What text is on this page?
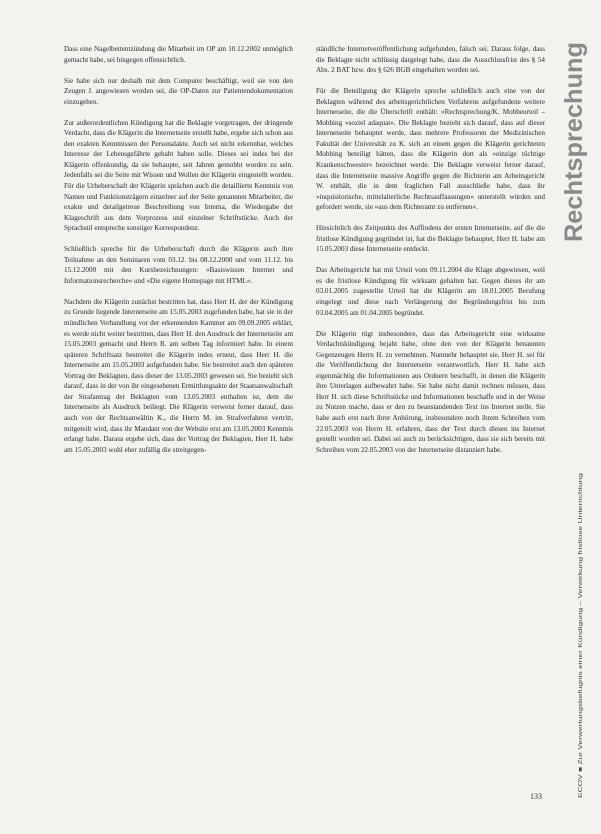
Dass eine Nagelbettentzündung die Mitarbeit im OP am 10.12.2002 unmöglich gemacht habe, sei hingegen offensichtlich.

Sie habe sich nur deshalb mit dem Computer beschäftigt, weil sie von den Zeugen J. angewiesen worden sei, die OP-Daten zur Patientendokumentation einzugeben.

Zur außerordentlichen Kündigung hat die Beklagte vorgetragen, der dringende Verdacht, dass die Klägerin die Internetseite erstellt habe, ergebe sich schon aus den exakten Kenntnissen der Personalakte. Auch sei nicht erkennbar, welches Interesse der Lebensgefährte gehabt haben solle. Dieses sei indes bei der Klägerin offenkundig, da sie behaupte, seit Jahren gemobbt worden zu sein. Jedenfalls sei die Seite mit Wissen und Wollen der Klägerin eingestellt worden. Für die Urheberschaft der Klägerin sprächen auch die detaillierte Kenntnis von Namen und Funktionsträgern einzelner auf der Seite genannten Mitarbeiter, die exakte und detailgetreue Beschreibung von Interna, die Wiedergabe der Klageschrift aus dem Vorprozess und einzelner Schriftstücke. Auch der Sprachstil entspreche sonstiger Korrespondenz.

Schließlich spreche für die Urheberschaft durch die Klägerin auch ihre Teilnahme an den Seminaren vom 03.12. bis 08.12.2000 und vom 11.12. bis 15.12.2000 mit den Kursbezeichnungen: »Basiswissen Internet und Informationsrecherche« und »Die eigene Homepage mit HTML«.

Nachdem die Klägerin zunächst bestritten hat, dass Herr H. der der Kündigung zu Grunde liegende Internetseite am 15.05.2003 zugefunden habe, hat sie in der mündlichen Verhandlung vor der erkennenden Kammer am 09.09.2005 erklärt, es werde nicht weiter bestritten, dass Herr H. den Ausdruck der Internetseite am 15.05.2003 gemacht und Herrn R. am selben Tag informiert habe. In einem späteren Schriftsatz bestreitet die Klägerin indes erneut, dass Herr H. die Internetseite am 15.05.2003 aufgefunden habe. Sie bestreitet auch den späteren Vortrag der Beklagten, dass dieser der 13.05.2003 gewesen sei. Sie bezieht sich darauf, dass in der von ihr eingesehenen Ermittlungsakte der Staatsanwaltschaft der Strafantrag der Beklagten vom 13.05.2003 enthalten ist, dem die Internetseite als Ausdruck beiliegt. Die Klägerin verweist ferner darauf, dass auch von der Rechtsanwältin K., die Herrn M. im Strafverfahren vertritt, mitgeteilt wird, dass ihr Mandant von der Website erst am 13.05.2003 Kenntnis erlangt habe. Daraus ergebe sich, dass der Vortrag der Beklagten, Herr H. habe am 15.05.2003 wohl eher zufällig die streitgegen-

ständliche Internetveröffentlichung aufgefunden, falsch sei. Daraus folge, dass die Beklagte nicht schlüssig dargelegt habe, dass die Ausschlussfrist des § 54 Abs. 2 BAT bzw. des § 626 BGB eingehalten worden sei.

Für die Beteiligung der Klägerin spreche schließlich auch eine von der Beklagten während des arbeitsgerichtlichen Verfahrens aufgefundene weitere Internetseite, die die Überschrift enthält: »Rechtsprechung/K. Mobbeurteil – Mobbing »soziel adaquat«. Die Beklagte bezieht sich darauf, dass auf dieser Internetseite behauptet werde, dass mehrere Professoren der Medizinischen Fakultät der Universität zu K. sich an einem gegen die Klägerin gerichteten Mobbing beteiligt hätten, dass die Klägerin dort als »einzige tüchtige Krankenschwester« bezeichnet werde. Die Beklagte verweist ferner darauf, dass die Internetseite massive Angriffe gegen die Richterin am Arbeitsgericht W. enthält, die in dem fraglichen Fall ausschließe habe, dass ihr »inquisitorische, mittelalterliche Rechtsauffassungen« unterstellt würden und gefordert werde, sie »aus dem Richteramt zu entfernen«.

Hinsichtlich des Zeitpunkts des Auffindens der ersten Internetseite, auf die die fristlose Kündigung gegründet ist, hat die Beklagte behauptet, Herr H. habe am 15.05.2003 diese Internetseite entdeckt.

Das Arbeitsgericht hat mit Urteil vom 09.11.2004 die Klage abgewiesen, weil es die fristlose Kündigung für wirksam gehalten hat. Gegen dieses ihr am 03.01.2005 zugestellte Urteil hat die Klägerin am 18.01.2005 Berufung eingelegt und diese nach Verlängerung der Begründungsfrist bis zum 03.04.2005 am 01.04.2005 begründet.

Die Klägerin rügt insbesondere, dass das Arbeitsgericht eine wirksame Verdachtskündigung bejaht habe, ohne den von der Klägerin benannten Gegenzeugen Herrn H. zu vernehmen. Nunmehr behauptet sie, Herr H. sei für die Veröffentlichung der Internetseite verantwortlich. Herr H. habe sich eigenmächtig die Informationen aus Ordnern beschafft, in denen die Klägerin ihre Unterlagen aufbewahrt habe. Sie habe nicht damit rechnen müssen, dass Herr H. sich diese Schriftstücke und Informationen beschaffe und in der Weise zu Nutzen mache, dass er den zu beanstandenden Text ins Internet stelle. Sie habe auch erst nach ihrer Anhörung, insbesondere noch ihrem Schreiben vom 22.05.2003 von Herrn H. erfahren, dass der Text durch diesen ins Internet gestellt worden sei. Dabei sei auch zu berücksichtigen, dass sie sich bereits mit Schreiben vom 22.05.2003 von der Internetseite distanziert habe.

Rechtsprechung
ECOV ■ Zur Verwertungsbefugnis einer Kündigung – Verwirkung fristlose Unterrichtung
133
